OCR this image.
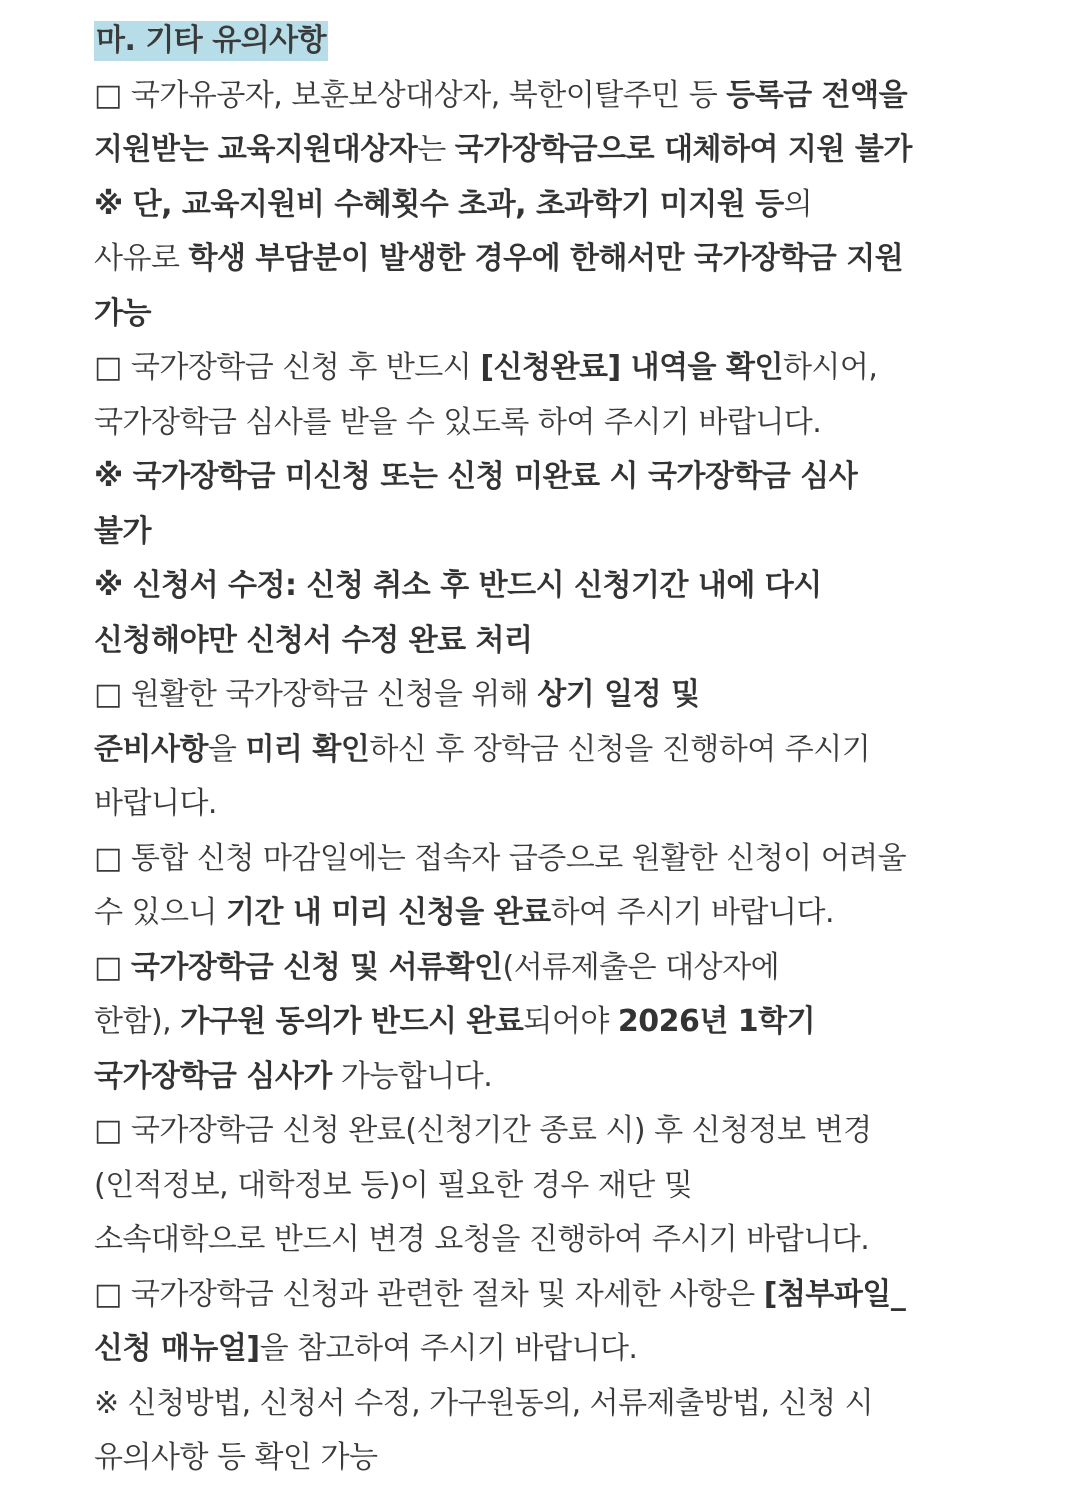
마. 기타 유의사항
□ 국가유공자, 보훈보상대상자, 북한이탈주민 등 등록금 전액을
지원받는 교육지원대상자는 국가장학금으로 대체하여 지원 불가
※ 단, 교육지원비 수혜횟수 초과, 초과학기 미지원 등의
사유로 학생 부담분이 발생한 경우에 한해서만 국가장학금 지원
가능
□ 국가장학금 신청 후 반드시 [신청완료] 내역을 확인하시어,
국가장학금 심사를 받을 수 있도록 하여 주시기 바랍니다.
※ 국가장학금 미신청 또는 신청 미완료 시 국가장학금 심사
불가
※ 신청서 수정: 신청 취소 후 반드시 신청기간 내에 다시
신청해야만 신청서 수정 완료 처리
□ 원활한 국가장학금 신청을 위해 상기 일정 및
준비사항을 미리 확인하신 후 장학금 신청을 진행하여 주시기
바랍니다.
□ 통합 신청 마감일에는 접속자 급증으로 원활한 신청이 어려울
수 있으니 기간 내 미리 신청을 완료하여 주시기 바랍니다.
□ 국가장학금 신청 및 서류확인(서류제출은 대상자에
한함), 가구원 동의가 반드시 완료되어야 2026년 1학기
국가장학금 심사가 가능합니다.
□ 국가장학금 신청 완료(신청기간 종료 시) 후 신청정보 변경
(인적정보, 대학정보 등)이 필요한 경우 재단 및
소속대학으로 반드시 변경 요청을 진행하여 주시기 바랍니다.
□ 국가장학금 신청과 관련한 절차 및 자세한 사항은 [첨부파일_
신청 매뉴얼]을 참고하여 주시기 바랍니다.
※ 신청방법, 신청서 수정, 가구원동의, 서류제출방법, 신청 시
유의사항 등 확인 가능
